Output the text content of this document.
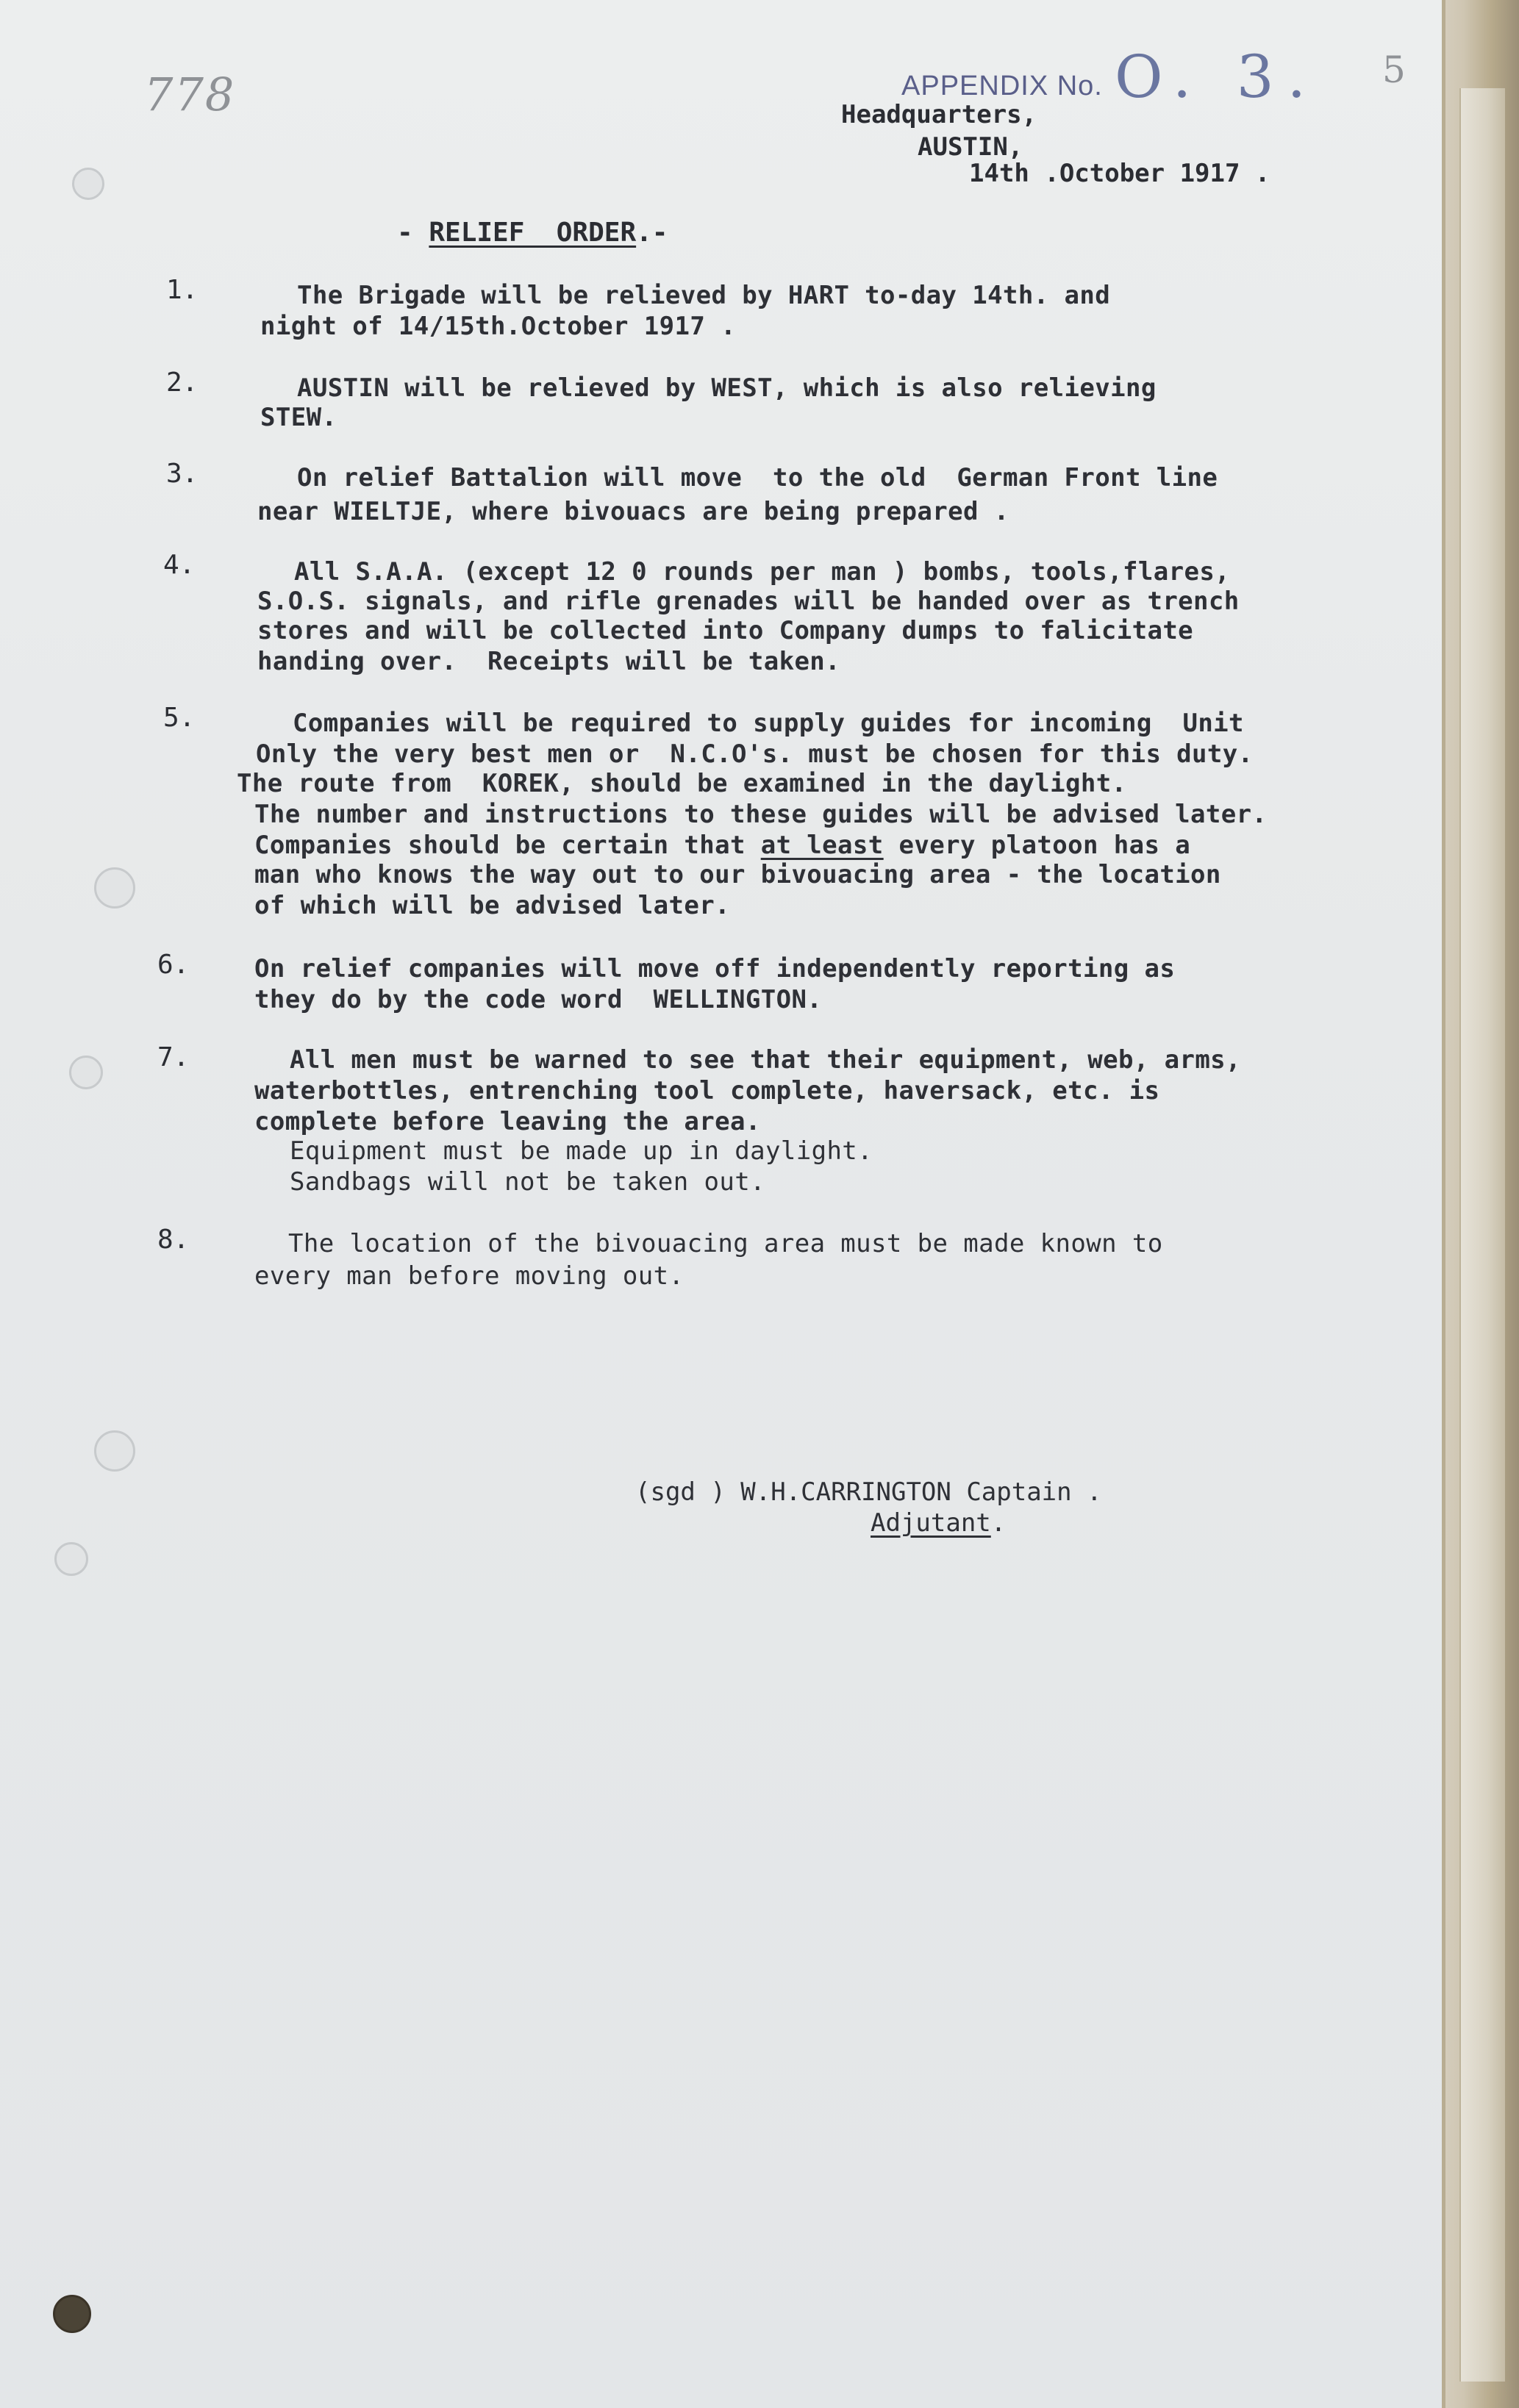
778	APPENDIX No. O. 3. 5
Headquarters,
AUSTIN,
14th .October 1917 .
- RELIEF  ORDER.-
1.	The Brigade will be relieved by HART to-day 14th. and
night of 14/15th.October 1917 .
2.	AUSTIN will be relieved by WEST, which is also relieving
STEW.
3.	On relief Battalion will move  to the old  German Front line
near WIELTJE, where bivouacs are being prepared .
4.	All S.A.A. (except 12 0 rounds per man ) bombs, tools,flares,
S.O.S. signals, and rifle grenades will be handed over as trench
stores and will be collected into Company dumps to falicitate
handing over.  Receipts will be taken.
5.	Companies will be required to supply guides for incoming  Unit
Only the very best men or  N.C.O's. must be chosen for this duty.
The route from  KOREK, should be examined in the daylight.
The number and instructions to these guides will be advised later.
Companies should be certain that at least every platoon has a
man who knows the way out to our bivouacing area - the location
of which will be advised later.
6.	On relief companies will move off independently reporting as
they do by the code word  WELLINGTON.
7.	All men must be warned to see that their equipment, web, arms,
waterbottles, entrenching tool complete, haversack, etc. is
complete before leaving the area.
Equipment must be made up in daylight.
Sandbags will not be taken out.
8.	The location of the bivouacing area must be made known to
every man before moving out.
(sgd ) W.H.CARRINGTON Captain .
Adjutant.
